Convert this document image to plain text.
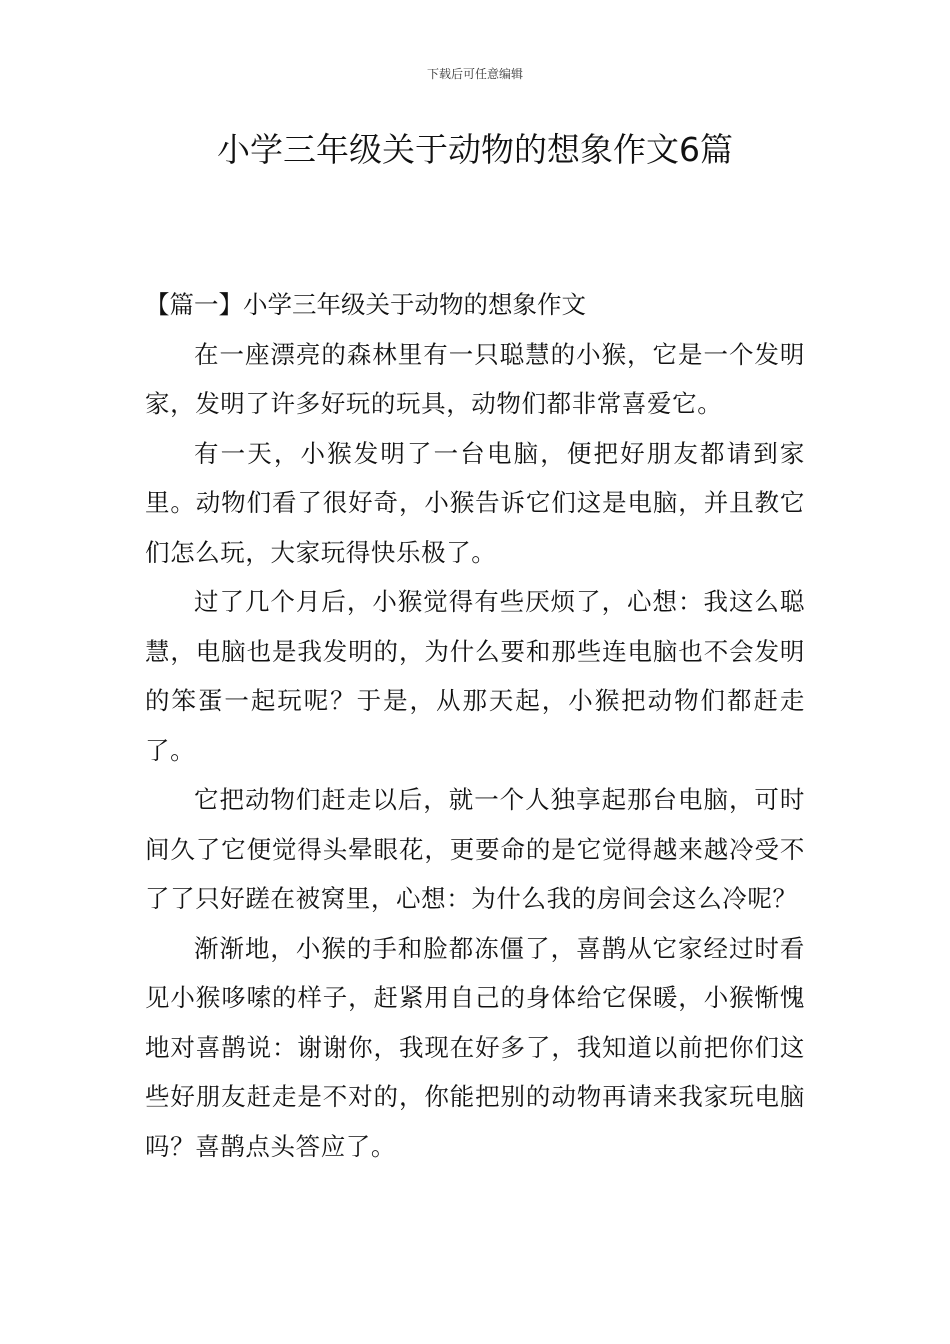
下载后可任意编辑
小学三年级关于动物的想象作文6篇

【篇一】小学三年级关于动物的想象作文

在一座漂亮的森林里有一只聪慧的小猴，它是一个发明家，发明了许多好玩的玩具，动物们都非常喜爱它。

有一天，小猴发明了一台电脑，便把好朋友都请到家里。动物们看了很好奇，小猴告诉它们这是电脑，并且教它们怎么玩，大家玩得快乐极了。

过了几个月后，小猴觉得有些厌烦了，心想：我这么聪慧，电脑也是我发明的，为什么要和那些连电脑也不会发明的笨蛋一起玩呢？于是，从那天起，小猴把动物们都赶走了。

它把动物们赶走以后，就一个人独享起那台电脑，可时间久了它便觉得头晕眼花，更要命的是它觉得越来越冷受不了了只好蹉在被窝里，心想：为什么我的房间会这么冷呢？

渐渐地，小猴的手和脸都冻僵了，喜鹊从它家经过时看见小猴哆嗦的样子，赶紧用自己的身体给它保暖，小猴惭愧地对喜鹊说：谢谢你，我现在好多了，我知道以前把你们这些好朋友赶走是不对的，你能把别的动物再请来我家玩电脑吗？喜鹊点头答应了。
